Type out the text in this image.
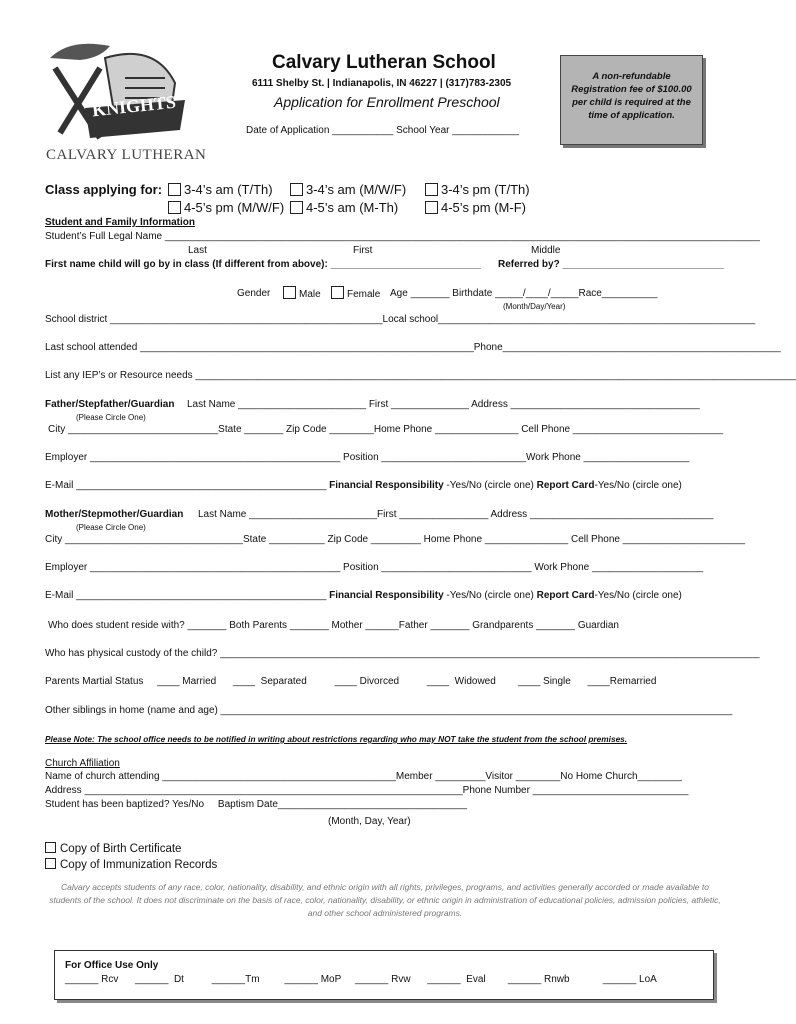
KNIGHTS
CALVARY LUTHERAN
Calvary Lutheran School
6111 Shelby St. | Indianapolis, IN 46227 | (317)783-2305
Application for Enrollment Preschool
Date of Application ___________ School Year ____________
A non-refundable Registration fee of $100.00 per child is required at the time of application.
Class applying for:	3-4’s am (T/Th)	3-4’s am (M/W/F)	3-4’s pm (T/Th)
4-5’s pm (M/W/F)	4-5’s am (M-Th)	4-5’s pm (M-F)
Student and Family Information
Student’s Full Legal Name ___________________________________________________________________________________________________________
Last	First	Middle
First name child will go by in class (If different from above): ___________________________ Referred by? _____________________________
Gender	Male	Female Age _______ Birthdate _____/____/_____Race__________
(Month/Day/Year)
School district _________________________________________________Local school_________________________________________________________
Last school attended ____________________________________________________________Phone__________________________________________________
List any IEP’s or Resource needs ____________________________________________________________________________________________________________
Father/Stepfather/Guardian Last Name _______________________ First ______________ Address __________________________________
(Please Circle One)
City ___________________________State _______ Zip Code ________Home Phone _______________ Cell Phone ___________________________
Employer _____________________________________________ Position __________________________Work Phone ___________________
E-Mail _____________________________________________ Financial Responsibility -Yes/No (circle one) Report Card-Yes/No (circle one)
Mother/Stepmother/Guardian Last Name _______________________First ________________ Address _________________________________
(Please Circle One)
City ________________________________State __________ Zip Code _________ Home Phone _______________ Cell Phone ______________________
Employer _____________________________________________ Position ___________________________ Work Phone ____________________
E-Mail _____________________________________________ Financial Responsibility -Yes/No (circle one) Report Card-Yes/No (circle one)
Who does student reside with? _______ Both Parents _______ Mother ______Father _______ Grandparents _______ Guardian
Who has physical custody of the child? _________________________________________________________________________________________________
Parents Martial Status     ____ Married      ____  Separated          ____ Divorced          ____  Widowed        ____ Single      ____Remarried
Other siblings in home (name and age) ____________________________________________________________________________________________
Please Note: The school office needs to be notified in writing about restrictions regarding who may NOT take the student from the school premises.
Church Affiliation
Name of church attending __________________________________________Member _________Visitor ________No Home Church________
Address ____________________________________________________________________Phone Number ____________________________
Student has been baptized? Yes/No     Baptism Date__________________________________
(Month, Day, Year)
Copy of Birth Certificate
Copy of Immunization Records
Calvary accepts students of any race, color, nationality, disability, and ethnic origin with all rights, privileges, programs, and activities generally accorded or made available to students of the school. It does not discriminate on the basis of race, color, nationality, disability, or ethnic origin in administration of educational policies, admission policies, athletic, and other school administered programs.
For Office Use Only
______ Rcv      ______  Dt          ______Tm         ______ MoP     ______ Rvw      ______  Eval        ______ Rnwb            ______ LoA
